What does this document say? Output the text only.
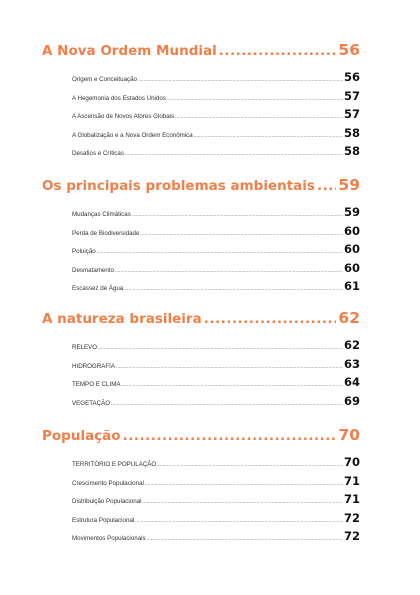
A Nova Ordem Mundial .....	56
Origem e Conceituação .....	56
A Hegemonia dos Estados Unidos .....	57
A Ascensão de Novos Atores Globais .....	57
A Globalização e a Nova Ordem Econômica .....	58
Desafios e Críticas .....	58
Os principais problemas ambientais ..... 59
Mudanças Climáticas .....	59
Perda de Biodiversidade .....	60
Poluição .....	60
Desmatamento .....	60
Escassez de Água .....	61
A natureza brasileira .....	62
RELEVO .....	62
HIDROGRAFIA .....	63
TEMPO E CLIMA .....	64
VEGETAÇÃO .....	69
População .....	70
TERRITÓRIO E POPULAÇÃO .....	70
Crescimento Populacional .....	71
Distribuição Populacional .....	71
Estrutura Populacional .....	72
Movimentos Populacionais .....	72
